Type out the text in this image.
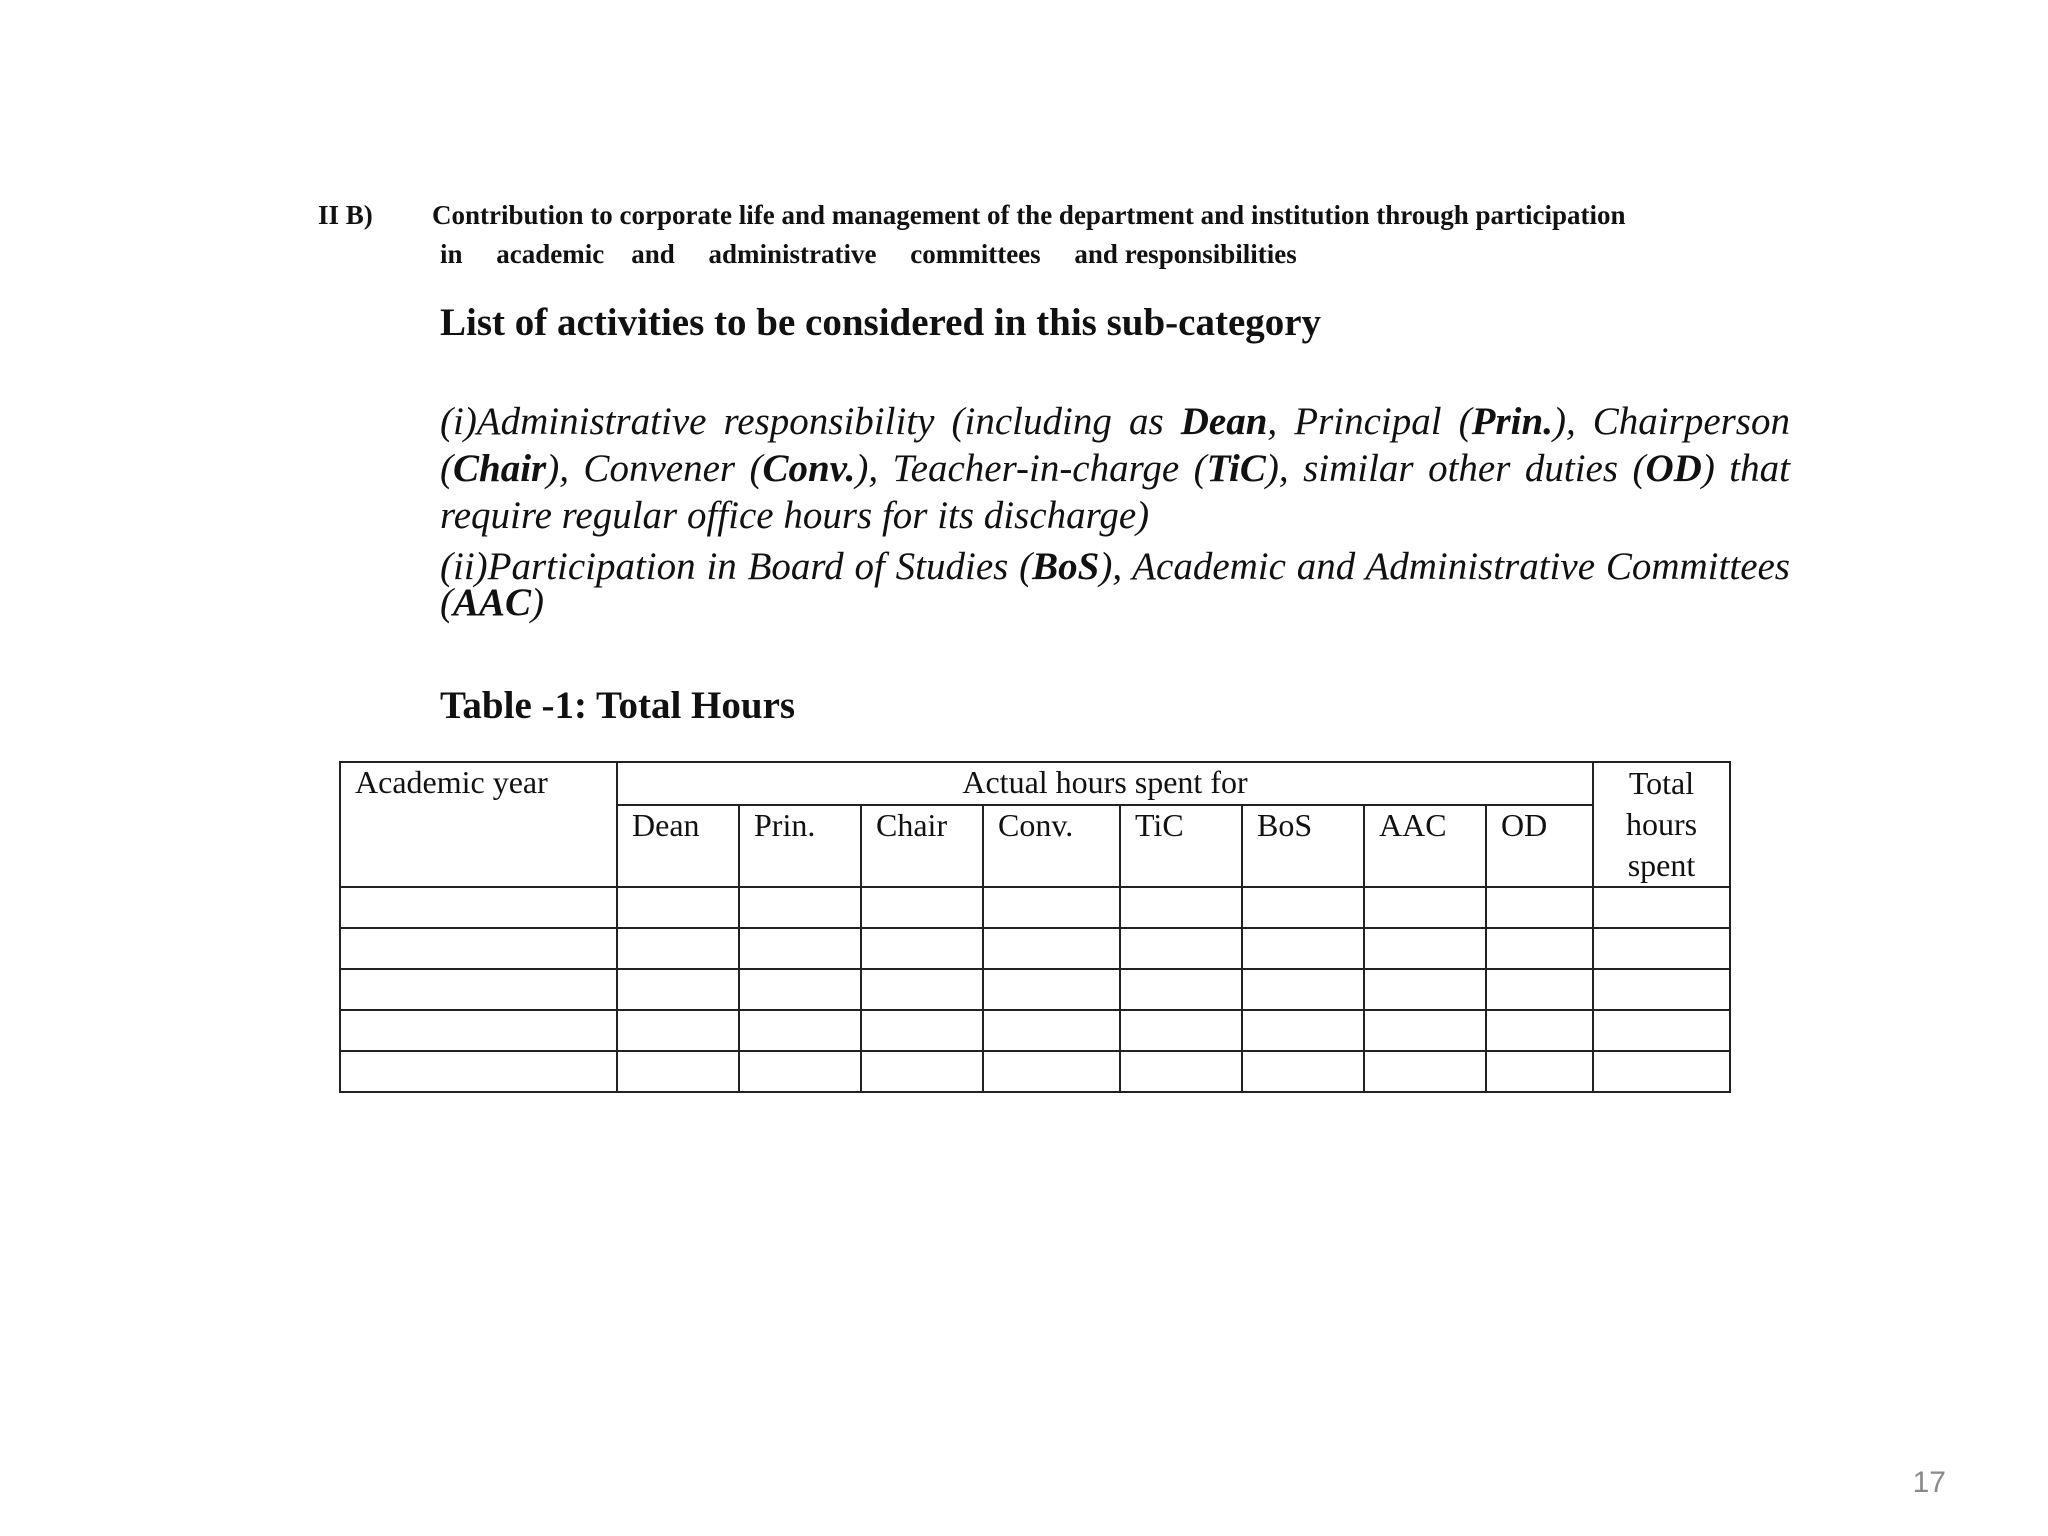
II B) Contribution to corporate life and management of the department and institution through participation
in     academic    and     administrative     committees     and responsibilities
List of activities to be considered in this sub-category
(i)Administrative responsibility (including as Dean, Principal (Prin.), Chairperson (Chair), Convener (Conv.), Teacher-in-charge (TiC), similar other duties (OD) that require regular office hours for its discharge)
(ii)Participation in Board of Studies (BoS), Academic and Administrative Committees (AAC)
Table -1: Total Hours
Academic year	Actual hours spent for								Total hours spent
	Dean	Prin.	Chair	Conv.	TiC	BoS	AAC	OD	

17
